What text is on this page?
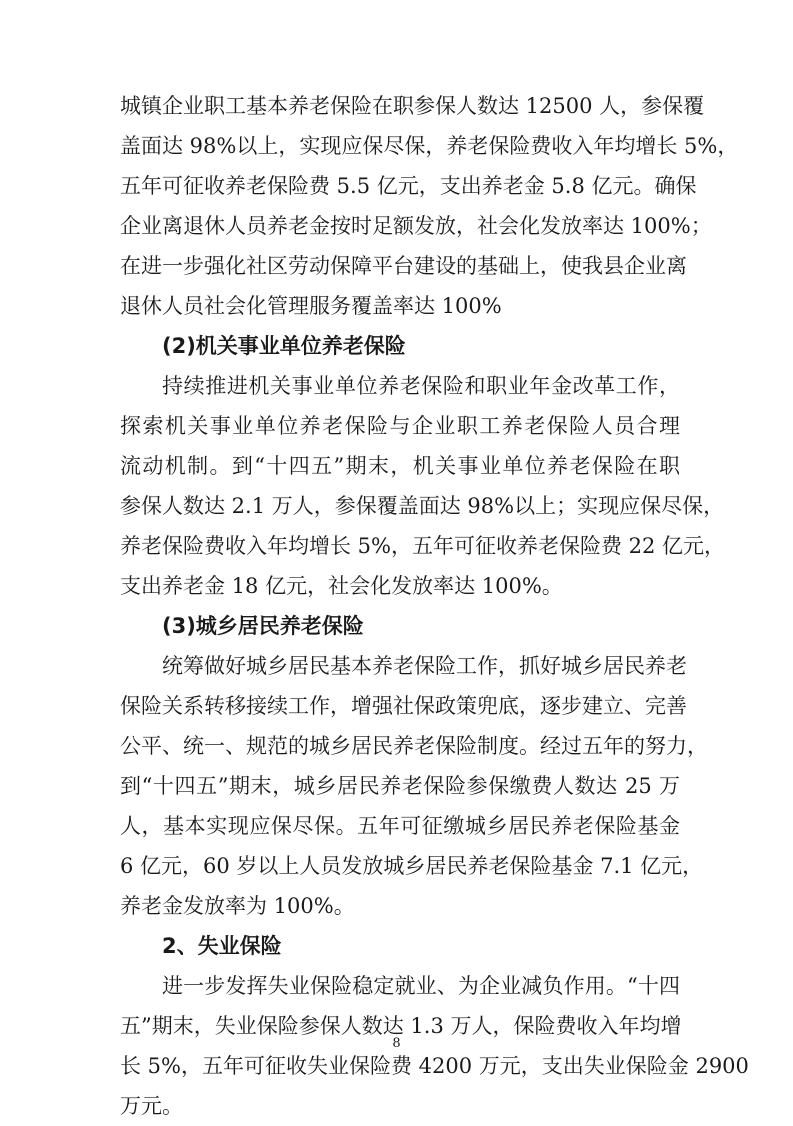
城镇企业职工基本养老保险在职参保人数达 12500 人，参保覆
盖面达 98%以上，实现应保尽保，养老保险费收入年均增长 5%，
五年可征收养老保险费 5.5 亿元，支出养老金 5.8 亿元。确保
企业离退休人员养老金按时足额发放，社会化发放率达 100%；
在进一步强化社区劳动保障平台建设的基础上，使我县企业离
退休人员社会化管理服务覆盖率达 100%
(2)机关事业单位养老保险
持续推进机关事业单位养老保险和职业年金改革工作，
探索机关事业单位养老保险与企业职工养老保险人员合理
流动机制。到“十四五”期末，机关事业单位养老保险在职
参保人数达 2.1 万人，参保覆盖面达 98%以上；实现应保尽保，
养老保险费收入年均增长 5%，五年可征收养老保险费 22 亿元，
支出养老金 18 亿元，社会化发放率达 100%。
(3)城乡居民养老保险
统筹做好城乡居民基本养老保险工作，抓好城乡居民养老
保险关系转移接续工作，增强社保政策兜底，逐步建立、完善
公平、统一、规范的城乡居民养老保险制度。经过五年的努力，
到“十四五”期末，城乡居民养老保险参保缴费人数达 25 万
人，基本实现应保尽保。五年可征缴城乡居民养老保险基金
6 亿元，60 岁以上人员发放城乡居民养老保险基金 7.1 亿元，
养老金发放率为 100%。
2、失业保险
进一步发挥失业保险稳定就业、为企业减负作用。“十四
五”期末，失业保险参保人数达 1.3 万人，保险费收入年均增
长 5%，五年可征收失业保险费 4200 万元，支出失业保险金 2900
万元。
8
